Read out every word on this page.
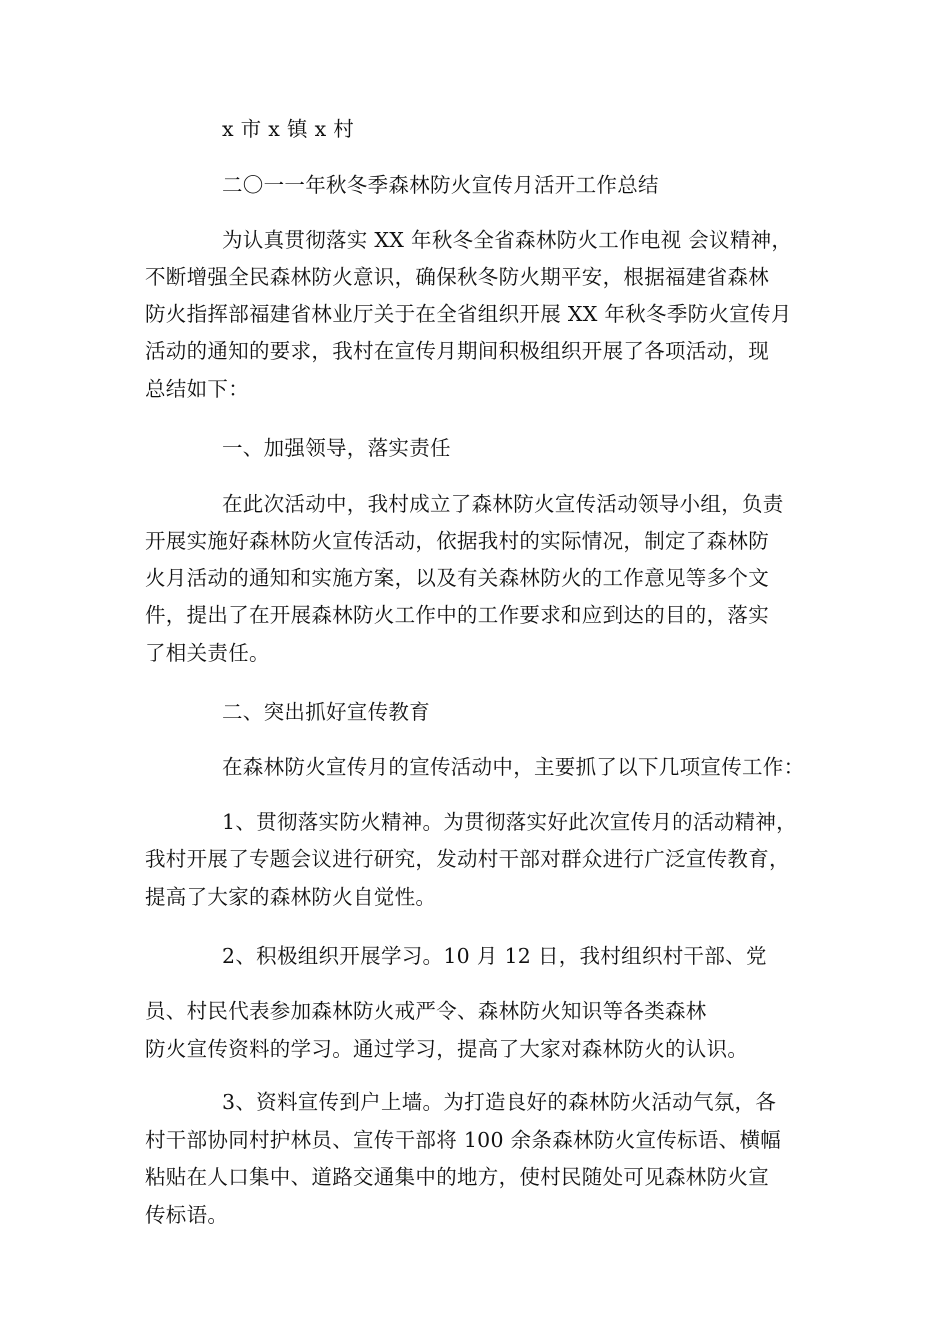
x 市 x 镇 x 村
二〇一一年秋冬季森林防火宣传月活开工作总结
为认真贯彻落实 XX 年秋冬全省森林防火工作电视 会议精神，
不断增强全民森林防火意识，确保秋冬防火期平安，根据福建省森林
防火指挥部福建省林业厅关于在全省组织开展 XX 年秋冬季防火宣传月
活动的通知的要求，我村在宣传月期间积极组织开展了各项活动，现
总结如下：
一、加强领导，落实责任
在此次活动中，我村成立了森林防火宣传活动领导小组，负责
开展实施好森林防火宣传活动，依据我村的实际情况，制定了森林防
火月活动的通知和实施方案，以及有关森林防火的工作意见等多个文
件，提出了在开展森林防火工作中的工作要求和应到达的目的，落实
了相关责任。
二、突出抓好宣传教育
在森林防火宣传月的宣传活动中，主要抓了以下几项宣传工作：
1、贯彻落实防火精神。为贯彻落实好此次宣传月的活动精神，
我村开展了专题会议进行研究，发动村干部对群众进行广泛宣传教育，
提高了大家的森林防火自觉性。
2、积极组织开展学习。10 月 12 日，我村组织村干部、党
员、村民代表参加森林防火戒严令、森林防火知识等各类森林
防火宣传资料的学习。通过学习，提高了大家对森林防火的认识。
3、资料宣传到户上墙。为打造良好的森林防火活动气氛，各
村干部协同村护林员、宣传干部将 100 余条森林防火宣传标语、横幅
粘贴在人口集中、道路交通集中的地方，使村民随处可见森林防火宣
传标语。
